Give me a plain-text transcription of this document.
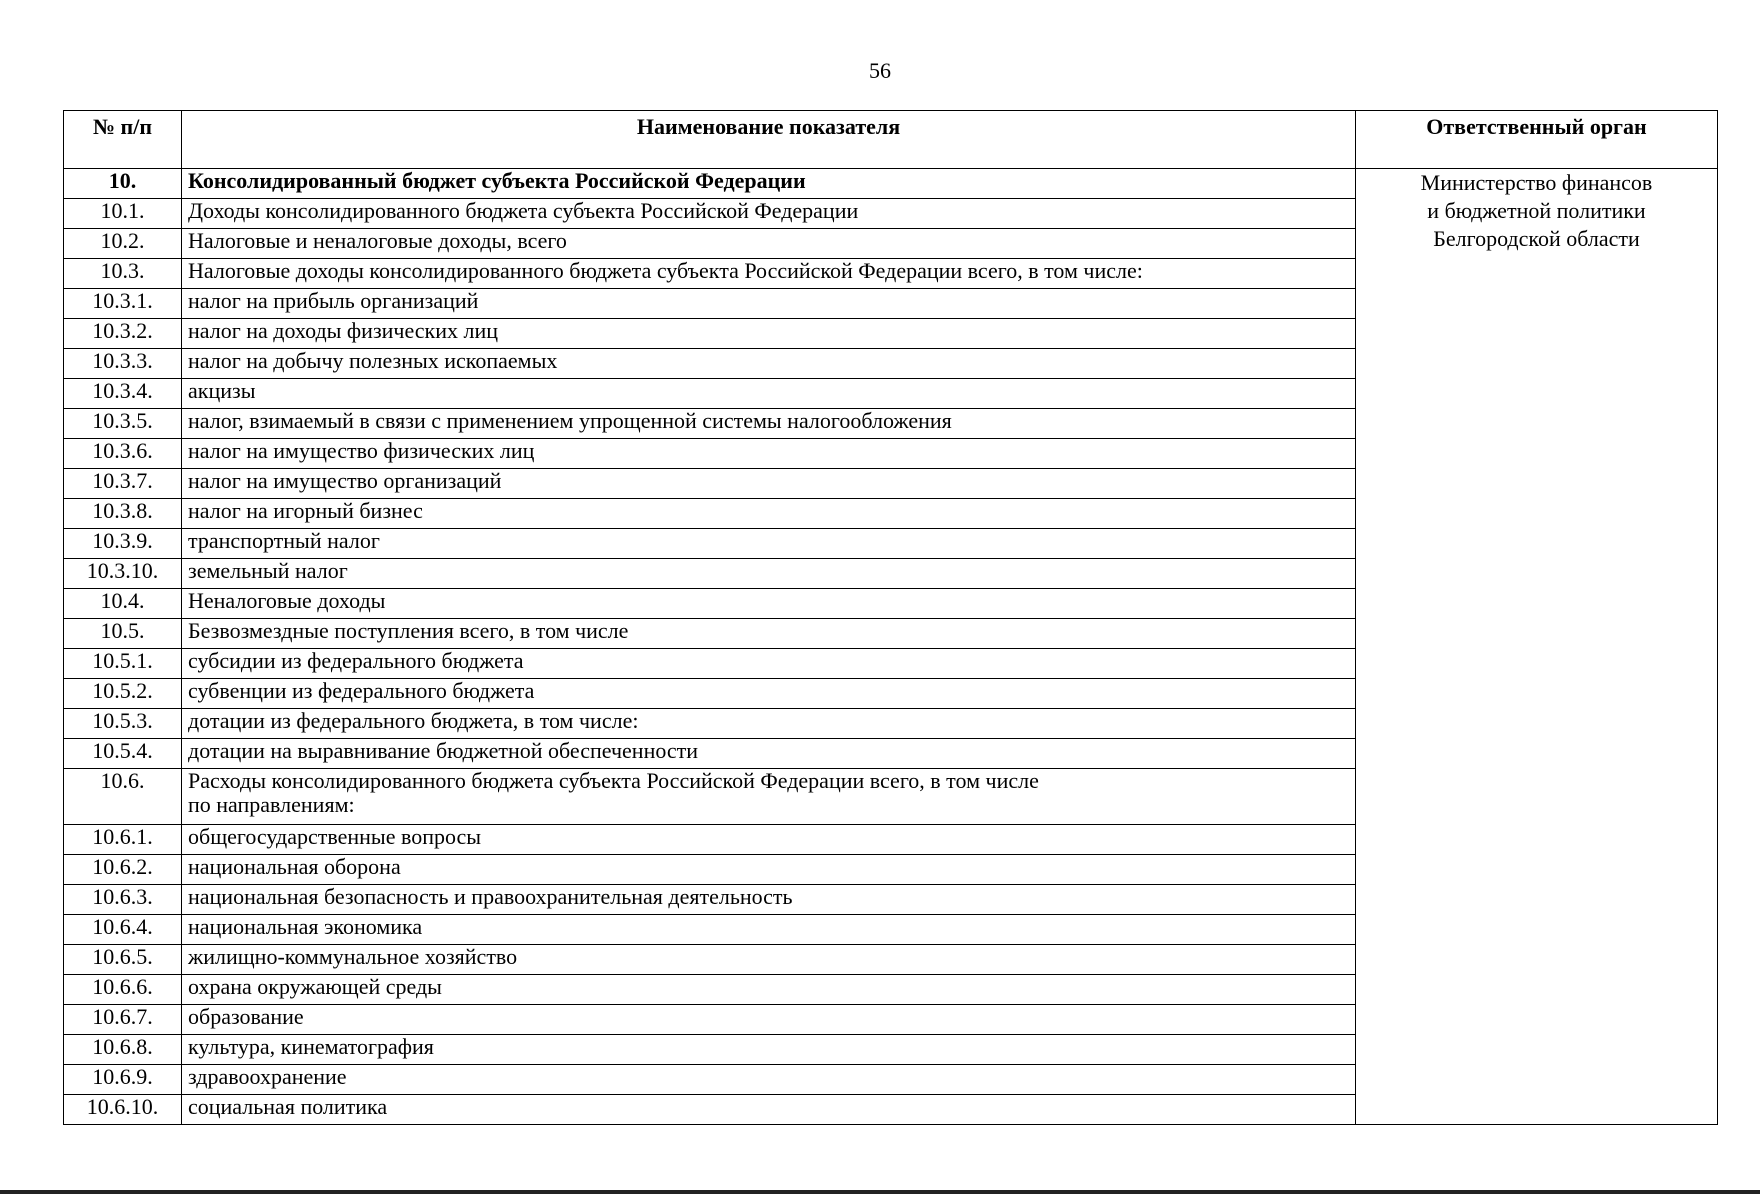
56
№ п/п	Наименование показателя	Ответственный орган
10.	Консолидированный бюджет субъекта Российской Федерации	Министерство финансов
и бюджетной политики
Белгородской области

10.1.	Доходы консолидированного бюджета субъекта Российской Федерации	
10.2.	Налоговые и неналоговые доходы, всего	
10.3.	Налоговые доходы консолидированного бюджета субъекта Российской Федерации всего, в том числе:	
10.3.1.	налог на прибыль организаций	
10.3.2.	налог на доходы физических лиц	
10.3.3.	налог на добычу полезных ископаемых	
10.3.4.	акцизы	
10.3.5.	налог, взимаемый в связи с применением упрощенной системы налогообложения	
10.3.6.	налог на имущество физических лиц	
10.3.7.	налог на имущество организаций	
10.3.8.	налог на игорный бизнес	
10.3.9.	транспортный налог	
10.3.10.	земельный налог	
10.4.	Неналоговые доходы	
10.5.	Безвозмездные поступления всего, в том числе	
10.5.1.	субсидии из федерального бюджета	
10.5.2.	субвенции из федерального бюджета	
10.5.3.	дотации из федерального бюджета, в том числе:	
10.5.4.	дотации на выравнивание бюджетной обеспеченности	
10.6.	Расходы консолидированного бюджета субъекта Российской Федерации всего, в том числе
по направлениям:	

10.6.1.	общегосударственные вопросы	
10.6.2.	национальная оборона	
10.6.3.	национальная безопасность и правоохранительная деятельность	
10.6.4.	национальная экономика	
10.6.5.	жилищно-коммунальное хозяйство	
10.6.6.	охрана окружающей среды	
10.6.7.	образование	
10.6.8.	культура, кинематография	
10.6.9.	здравоохранение	
10.6.10.	социальная политика	
